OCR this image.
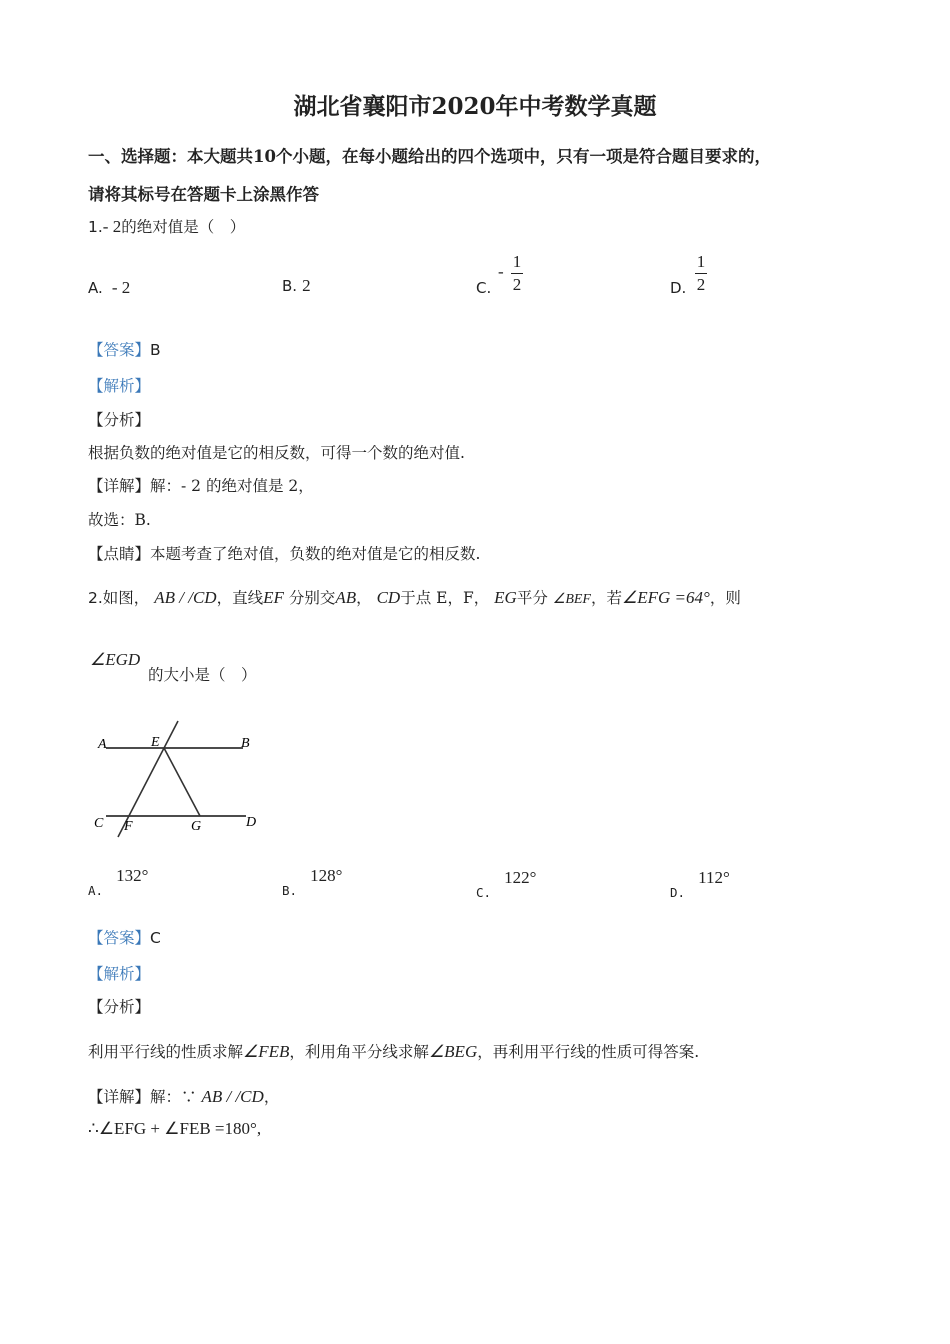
湖北省襄阳市2020年中考数学真题
一、选择题：本大题共10个小题，在每小题给出的四个选项中，只有一项是符合题目要求的，
请将其标号在答题卡上涂黑作答
1.- 2的绝对值是（　）
A. - 2	B. 2	C.
-
1
2	D.
1
2
【答案】B
【解析】
【分析】
根据负数的绝对值是它的相反数，可得一个数的绝对值.
【详解】解：- 2 的绝对值是 2，
故选：B.
【点睛】本题考查了绝对值，负数的绝对值是它的相反数.
2.如图， AB / /CD，直线EF 分别交AB， CD于点 E，F， EG平分 ∠BEF，若∠EFG =64°，则
∠EGD
的大小是（　）
A	E	B
C F	G	D
$_{A.}$ 132°
$_{B.}$ 128°
$_{C.}$ 122°
$_{D.}$ 112°
【答案】C
【解析】
【分析】
利用平行线的性质求解∠FEB，利用角平分线求解∠BEG，再利用平行线的性质可得答案.
【详解】解：∵ AB / /CD，
∴∠EFG + ∠FEB =180°,
